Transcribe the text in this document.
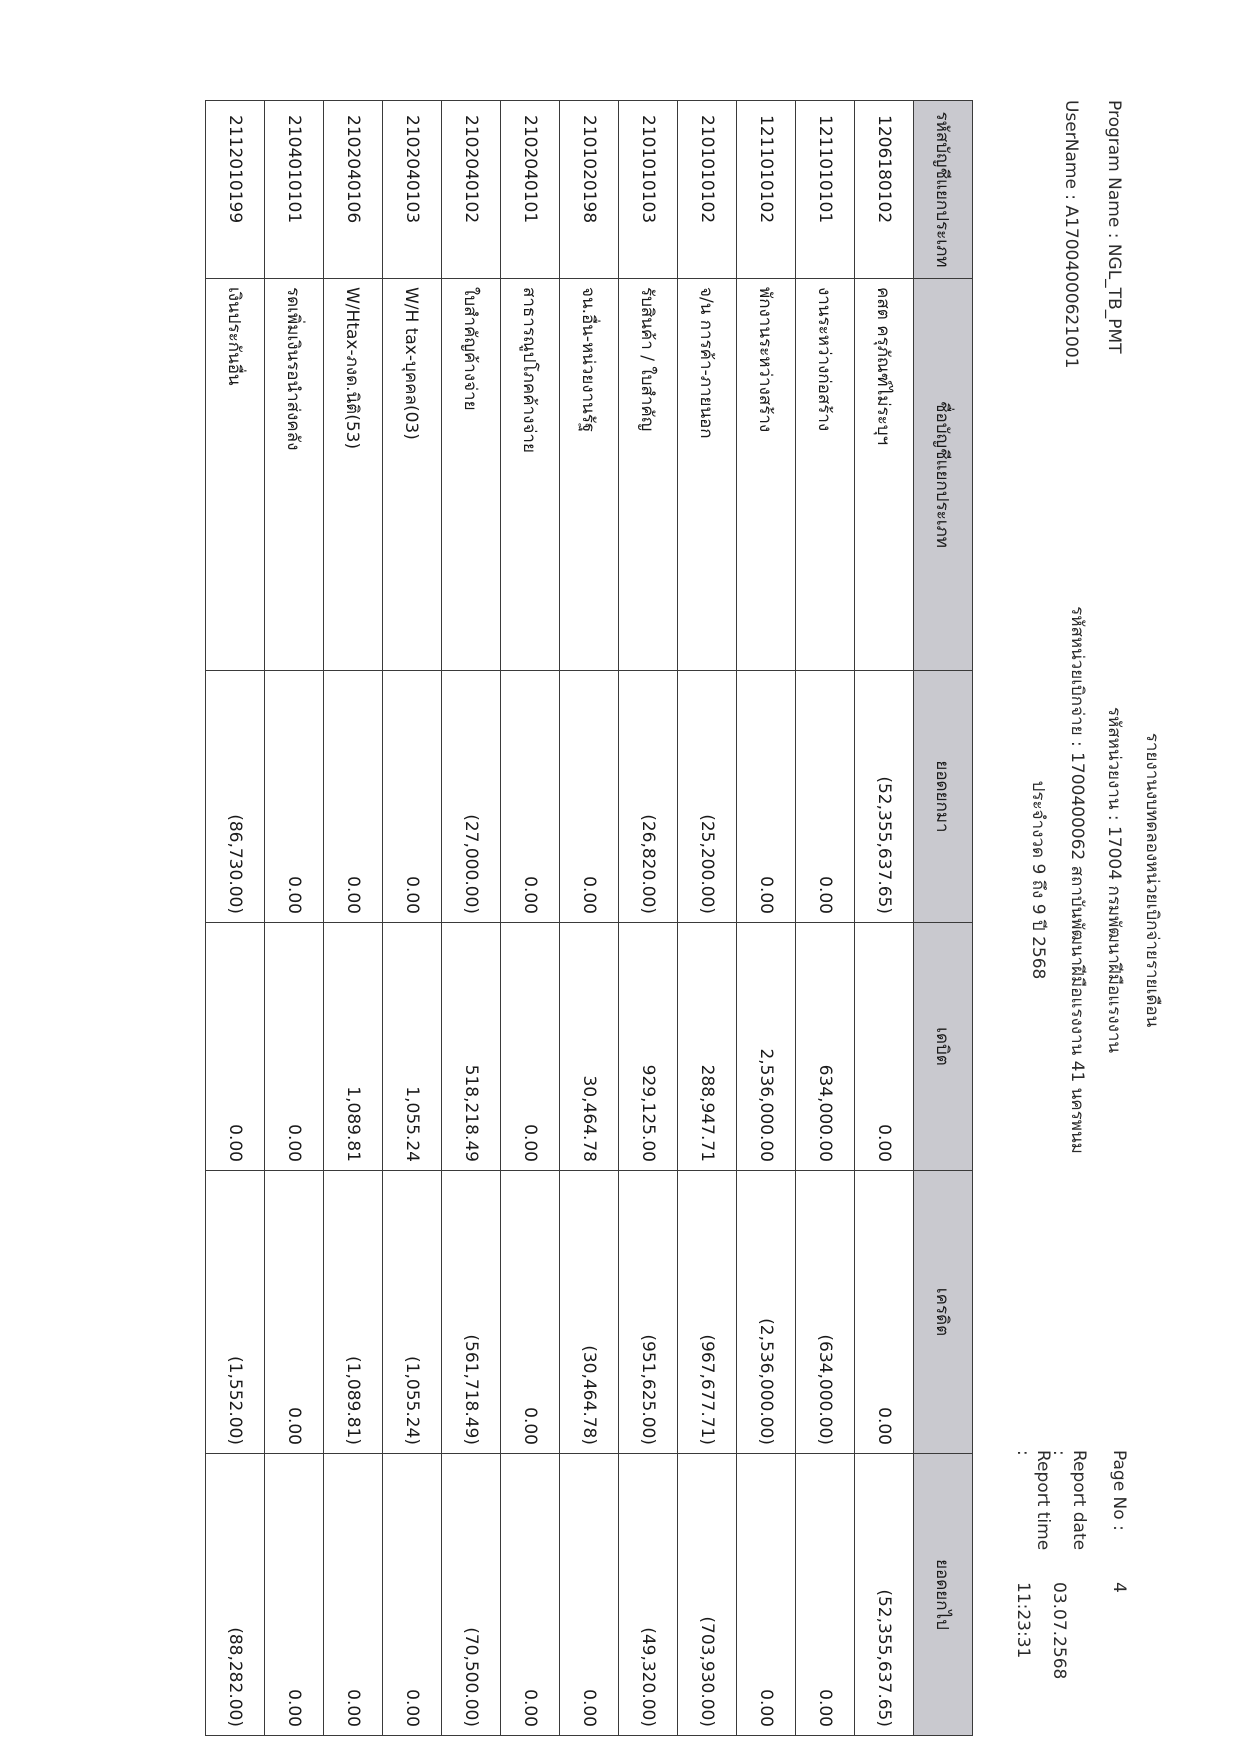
Program Name : NGL_TB_PMT
UserName : A170040006210​01
รายงานงบทดลองหน่วยเบิกจ่ายรายเดือน
รหัสหน่วยงาน : 17004 กรมพัฒนาฝีมือแรงงาน
รหัสหน่วยเบิกจ่าย : 1700400062 สถาบันพัฒนาฝีมือแรงงาน 41 นครพนม
ประจำงวด 9 ถึง 9 ปี 2568
Page No :4
Report date :03.07.2568
Report time :11:23:31
รหัสบัญชีแยกประเภท	ชื่อบัญชีแยกประเภท	ยอดยกมา	เดบิต	เครดิต	ยอดยกไป
1206180102	คสต ครุภัณฑ์ไม่ระบุฯ	(52,355,637.65)	0.00	0.00	(52,355,637.65)
1211010101	งานระหว่างก่อสร้าง	0.00	634,000.00	(634,000.00)	0.00
1211010102	พักงานระหว่างสร้าง	0.00	2,536,000.00	(2,536,000.00)	0.00
2101010102	จ/น การค้า-ภายนอก	(25,200.00)	288,947.71	(967,677.71)	(703,930.00)
2101010103	รับสินค้า / ใบสำคัญ	(26,820.00)	929,125.00	(951,625.00)	(49,320.00)
2101020198	จน.อื่น-หน่วยงานรัฐ	0.00	30,464.78	(30,464.78)	0.00
2102040101	สาธารณูปโภคค้างจ่าย	0.00	0.00	0.00	0.00
2102040102	ใบสำคัญค้างจ่าย	(27,000.00)	518,218.49	(561,718.49)	(70,500.00)
2102040103	W/H tax-บุคคล(03)	0.00	1,055.24	(1,055.24)	0.00
2102040106	W/Htax-ภงด.นิติ(53)	0.00	1,089.81	(1,089.81)	0.00
2104010101	รดเพิ่มเงินรอนำส่งคลัง	0.00	0.00	0.00	0.00
2112010199	เงินประกันอื่น	(86,730.00)	0.00	(1,552.00)	(88,282.00)
